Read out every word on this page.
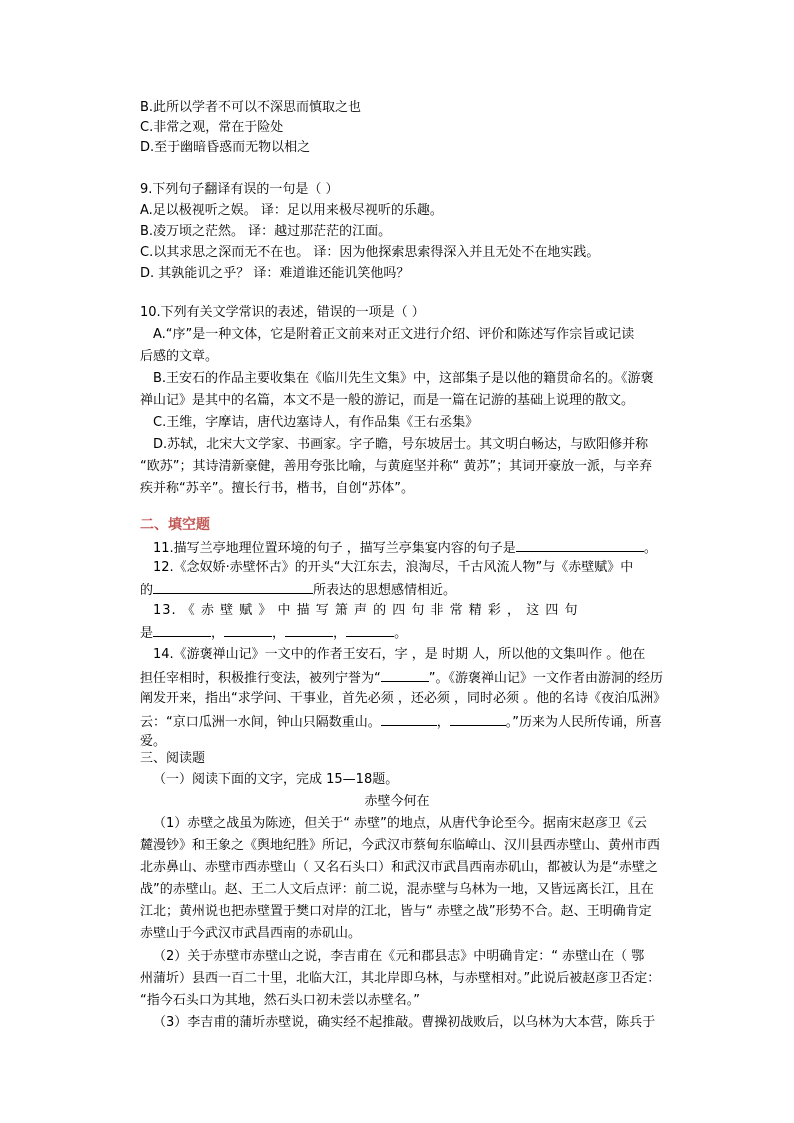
B.此所以学者不可以不深思而慎取之也
C.非常之观，常在于险处
D.至于幽暗昏惑而无物以相之
9.下列句子翻译有误的一句是（ ）
A.足以极视听之娱。 译：足以用来极尽视听的乐趣。
B.凌万顷之茫然。 译：越过那茫茫的江面。
C.以其求思之深而无不在也。 译：因为他探索思索得深入并且无处不在地实践。
D. 其孰能讥之乎？ 译：难道谁还能讥笑他吗？
10.下列有关文学常识的表述，错误的一项是（ ）
A.“序”是一种文体，它是附着正文前来对正文进行介绍、评价和陈述写作宗旨或记读
后感的文章。
B.王安石的作品主要收集在《临川先生文集》中，这部集子是以他的籍贯命名的。《游褒
禅山记》是其中的名篇，本文不是一般的游记，而是一篇在记游的基础上说理的散文。
C.王维，字摩诘，唐代边塞诗人，有作品集《王右丞集》
D.苏轼，北宋大文学家、书画家。字子瞻，号东坡居士。其文明白畅达，与欧阳修并称
“欧苏”；其诗清新豪健，善用夸张比喻，与黄庭坚并称“ 黄苏”；其词开豪放一派，与辛弃
疾并称“苏辛”。擅长行书，楷书，自创“苏体”。
二、填空题
11.描写兰亭地理位置环境的句子 ，描写兰亭集宴内容的句子是	。
12.《念奴娇·赤壁怀古》的开头“大江东去，浪淘尽，千古风流人物”与《赤壁赋》中
的	所表达的思想感情相近。
13. 《 赤 壁 赋 》 中 描 写 箫 声 的 四 句 非 常 精 彩 ， 这 四 句
是	，	，	，	。
14.《游褒禅山记》一文中的作者王安石，字 ，是 时期 人，所以他的文集叫作 。他在
担任宰相时，积极推行变法，被列宁誉为“	”。《游褒禅山记》一文作者由游洞的经历
阐发开来，指出“求学问、干事业，首先必须 ，还必须 ，同时必须 。他的名诗《夜泊瓜洲》
云：“京口瓜洲一水间，钟山只隔数重山。	，	。”历来为人民所传诵，所喜
爱。
三、阅读题
（一）阅读下面的文字，完成 15—18题。
赤壁今何在
（1）赤壁之战虽为陈迹，但关于“ 赤壁”的地点，从唐代争论至今。据南宋赵彦卫《云
麓漫钞》和王象之《舆地纪胜》所记，今武汉市蔡甸东临嶂山、汉川县西赤壁山、黄州市西
北赤鼻山、赤壁市西赤壁山（ 又名石头口）和武汉市武昌西南赤矶山，都被认为是“赤壁之
战”的赤壁山。赵、王二人文后点评：前二说，混赤壁与乌林为一地，又皆远离长江，且在
江北；黄州说也把赤壁置于樊口对岸的江北，皆与“ 赤壁之战”形势不合。赵、王明确肯定
赤壁山于今武汉市武昌西南的赤矶山。
（2）关于赤壁市赤壁山之说，李吉甫在《元和郡县志》中明确肯定：“ 赤壁山在（ 鄂
州蒲圻）县西一百二十里，北临大江，其北岸即乌林，与赤壁相对。”此说后被赵彦卫否定：
“指今石头口为其地，然石头口初未尝以赤壁名。”
（3）李吉甫的蒲圻赤壁说，确实经不起推敲。曹操初战败后，以乌林为大本营，陈兵于
